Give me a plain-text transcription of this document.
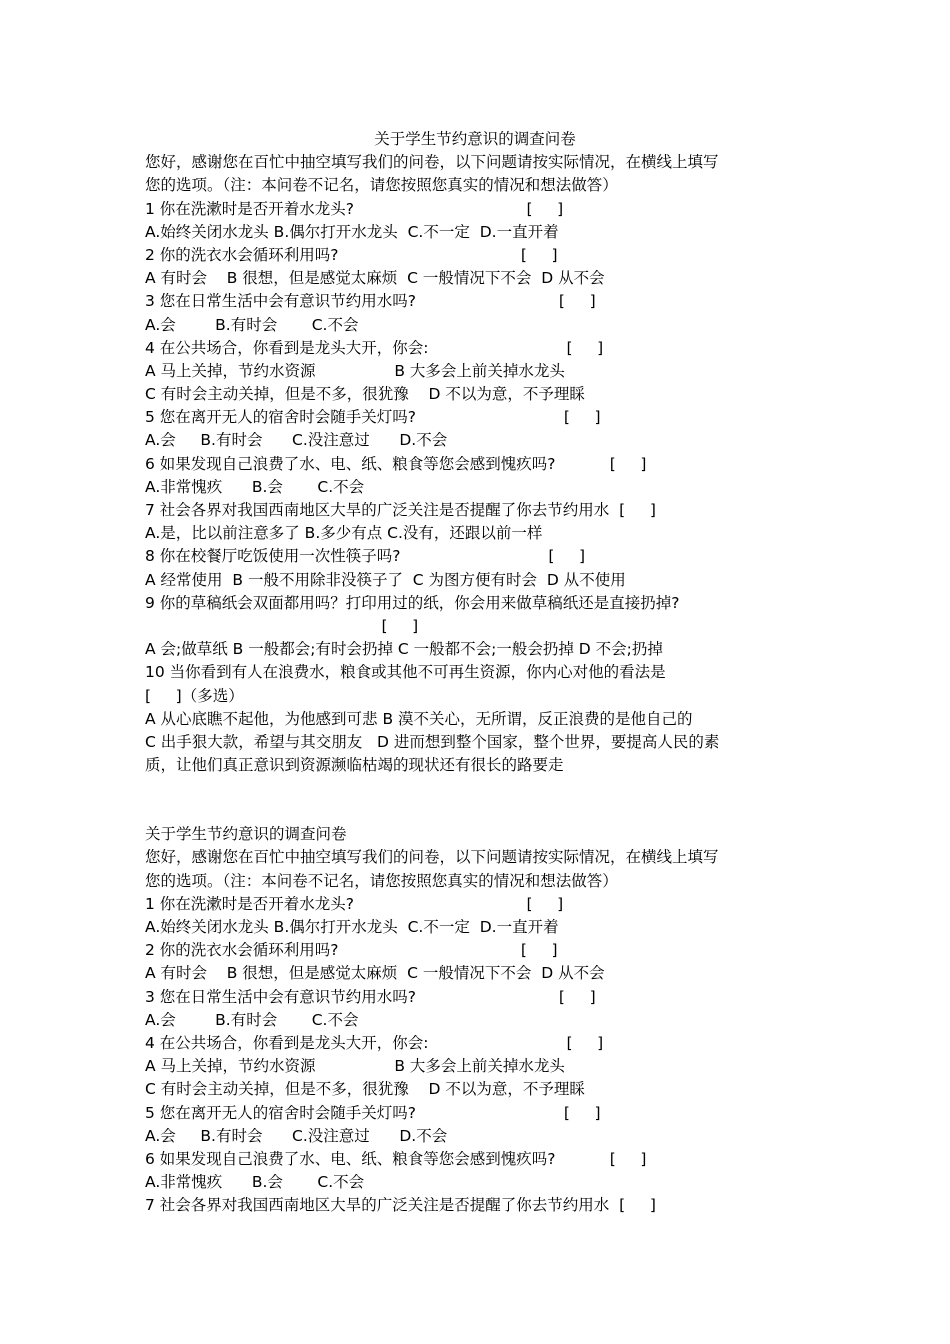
关于学生节约意识的调查问卷
您好，感谢您在百忙中抽空填写我们的问卷，以下问题请按实际情况，在横线上填写
您的选项。（注：本问卷不记名，请您按照您真实的情况和想法做答）
1 你在洗漱时是否开着水龙头?                                   [     ]
A.始终关闭水龙头 B.偶尔打开水龙头  C.不一定  D.一直开着
2 你的洗衣水会循环利用吗?                                     [     ]
A 有时会    B 很想，但是感觉太麻烦  C 一般情况下不会  D 从不会
3 您在日常生活中会有意识节约用水吗?                             [     ]
A.会        B.有时会       C.不会
4 在公共场合，你看到是龙头大开，你会:                            [     ]
A 马上关掉，节约水资源                B 大多会上前关掉水龙头
C 有时会主动关掉，但是不多，很犹豫    D 不以为意，不予理睬
5 您在离开无人的宿舍时会随手关灯吗?                              [     ]
A.会     B.有时会      C.没注意过      D.不会
6 如果发现自己浪费了水、电、纸、粮食等您会感到愧疚吗?           [     ]
A.非常愧疚      B.会       C.不会
7 社会各界对我国西南地区大旱的广泛关注是否提醒了你去节约用水  [     ]
A.是，比以前注意多了 B.多少有点 C.没有，还跟以前一样
8 你在校餐厅吃饭使用一次性筷子吗?                              [     ]
A 经常使用  B 一般不用除非没筷子了  C 为图方便有时会  D 从不使用
9 你的草稿纸会双面都用吗？打印用过的纸，你会用来做草稿纸还是直接扔掉?
[     ]
A 会;做草纸 B 一般都会;有时会扔掉 C 一般都不会;一般会扔掉 D 不会;扔掉
10 当你看到有人在浪费水，粮食或其他不可再生资源，你内心对他的看法是
[     ]（多选）
A 从心底瞧不起他，为他感到可悲 B 漠不关心，无所谓，反正浪费的是他自己的
C 出手狠大款，希望与其交朋友   D 进而想到整个国家，整个世界，要提高人民的素
质，让他们真正意识到资源濒临枯竭的现状还有很长的路要走
关于学生节约意识的调查问卷
您好，感谢您在百忙中抽空填写我们的问卷，以下问题请按实际情况，在横线上填写
您的选项。（注：本问卷不记名，请您按照您真实的情况和想法做答）
1 你在洗漱时是否开着水龙头?                                   [     ]
A.始终关闭水龙头 B.偶尔打开水龙头  C.不一定  D.一直开着
2 你的洗衣水会循环利用吗?                                     [     ]
A 有时会    B 很想，但是感觉太麻烦  C 一般情况下不会  D 从不会
3 您在日常生活中会有意识节约用水吗?                             [     ]
A.会        B.有时会       C.不会
4 在公共场合，你看到是龙头大开，你会:                            [     ]
A 马上关掉，节约水资源                B 大多会上前关掉水龙头
C 有时会主动关掉，但是不多，很犹豫    D 不以为意，不予理睬
5 您在离开无人的宿舍时会随手关灯吗?                              [     ]
A.会     B.有时会      C.没注意过      D.不会
6 如果发现自己浪费了水、电、纸、粮食等您会感到愧疚吗?           [     ]
A.非常愧疚      B.会       C.不会
7 社会各界对我国西南地区大旱的广泛关注是否提醒了你去节约用水  [     ]
